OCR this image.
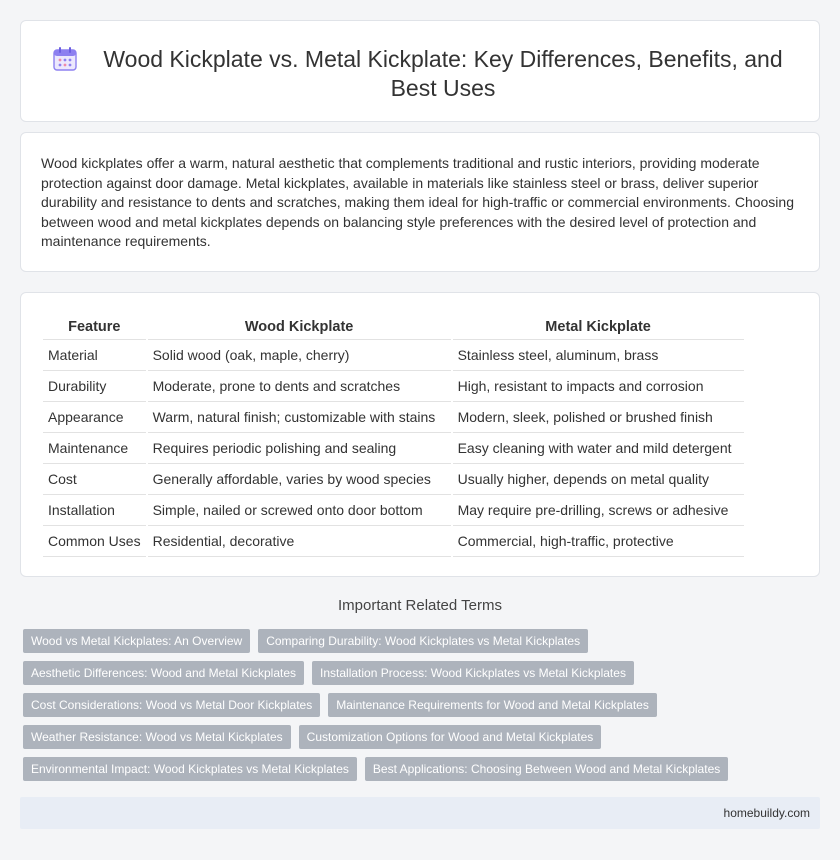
Wood Kickplate vs. Metal Kickplate: Key Differences, Benefits, and Best Uses

Wood kickplates offer a warm, natural aesthetic that complements traditional and rustic interiors, providing moderate protection against door damage. Metal kickplates, available in materials like stainless steel or brass, deliver superior durability and resistance to dents and scratches, making them ideal for high-traffic or commercial environments. Choosing between wood and metal kickplates depends on balancing style preferences with the desired level of protection and maintenance requirements.

Feature	Wood Kickplate	Metal Kickplate
Material	Solid wood (oak, maple, cherry)	Stainless steel, aluminum, brass
Durability	Moderate, prone to dents and scratches	High, resistant to impacts and corrosion
Appearance	Warm, natural finish; customizable with stains	Modern, sleek, polished or brushed finish
Maintenance	Requires periodic polishing and sealing	Easy cleaning with water and mild detergent
Cost	Generally affordable, varies by wood species	Usually higher, depends on metal quality
Installation	Simple, nailed or screwed onto door bottom	May require pre-drilling, screws or adhesive
Common Uses	Residential, decorative	Commercial, high-traffic, protective
Important Related Terms
Wood vs Metal Kickplates: An Overview	Comparing Durability: Wood Kickplates vs Metal Kickplates
Aesthetic Differences: Wood and Metal Kickplates	Installation Process: Wood Kickplates vs Metal Kickplates
Cost Considerations: Wood vs Metal Door Kickplates	Maintenance Requirements for Wood and Metal Kickplates
Weather Resistance: Wood vs Metal Kickplates	Customization Options for Wood and Metal Kickplates
Environmental Impact: Wood Kickplates vs Metal Kickplates	Best Applications: Choosing Between Wood and Metal Kickplates
homebuildy.com
